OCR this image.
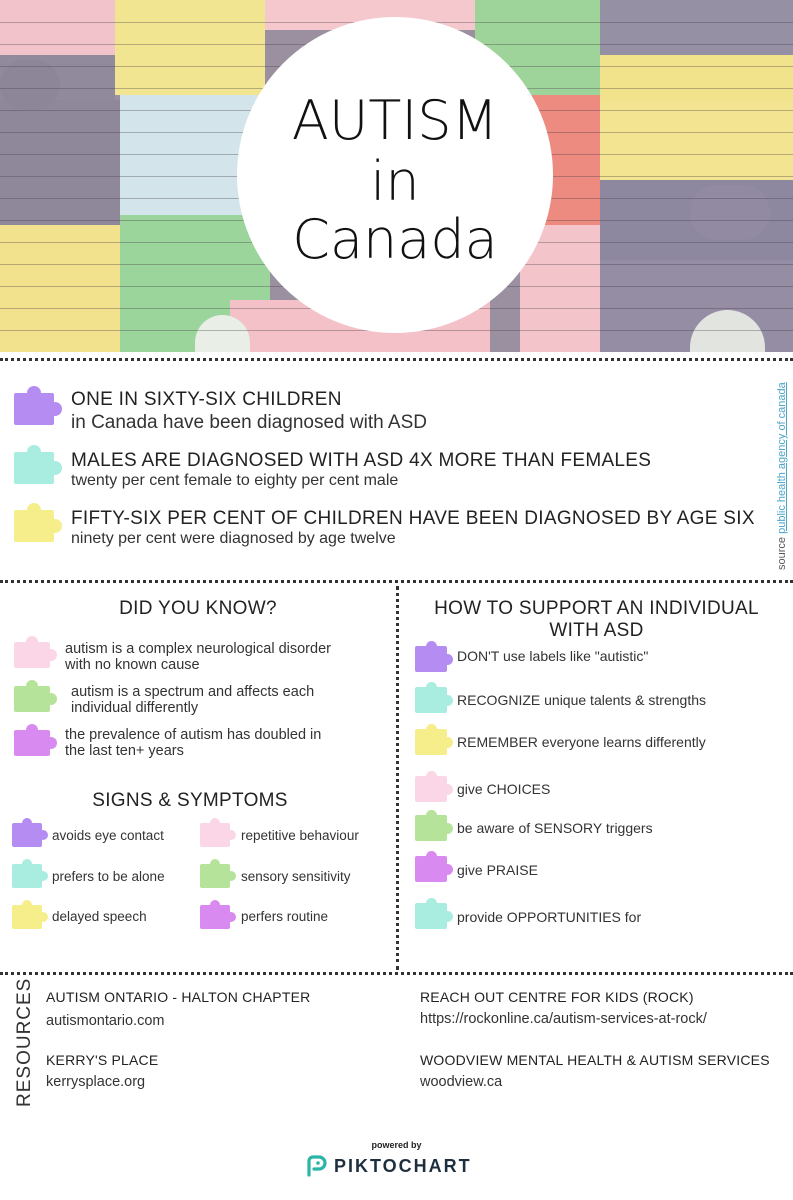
AUTISM
in
Canada
ONE IN SIXTY-SIX CHILDREN
in Canada have been diagnosed with ASD
MALES ARE DIAGNOSED WITH ASD 4X MORE THAN FEMALES
twenty per cent female to eighty per cent male
FIFTY-SIX PER CENT OF CHILDREN HAVE BEEN DIAGNOSED BY AGE SIX
ninety per cent were diagnosed by age twelve	source public health agency of canada
DID YOU KNOW?
autism is a complex neurological disorder with no known cause
autism is a spectrum and affects each individual differently
the prevalence of autism has doubled in the last ten+ years
SIGNS & SYMPTOMS
avoids eye contact
prefers to be alone
delayed speech
repetitive behaviour
sensory sensitivity
perfers routine
HOW TO SUPPORT AN INDIVIDUAL
WITH ASD
DON'T use labels like "autistic"
RECOGNIZE unique talents & strengths
REMEMBER everyone learns differently
give CHOICES
be aware of SENSORY triggers
give PRAISE
provide OPPORTUNITIES for
RESOURCES AUTISM ONTARIO - HALTON CHAPTER
autismontario.com
KERRY'S PLACE
kerrysplace.org
REACH OUT CENTRE FOR KIDS (ROCK)
https://rockonline.ca/autism-services-at-rock/
WOODVIEW MENTAL HEALTH & AUTISM SERVICES
woodview.ca
powered by
PIKTOCHART
